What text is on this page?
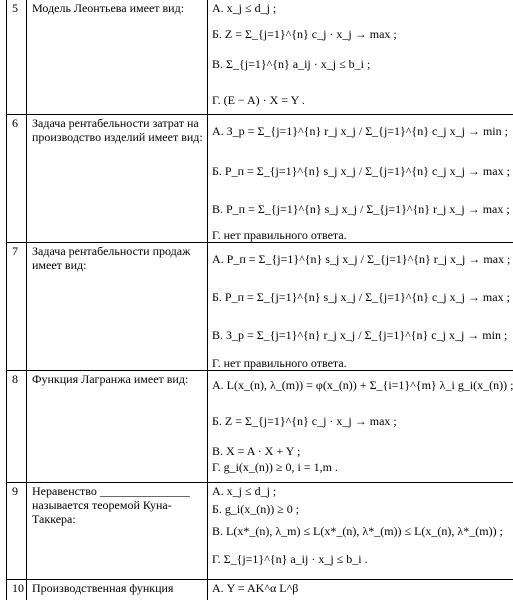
5	Модель Леонтьева имеет вид:	А. x_j ≤ d_j ;
Б. Z = Σ_{j=1}^{n} c_j · x_j → max ;
В. Σ_{j=1}^{n} a_ij · x_j ≤ b_i ;
Г. (E − A) · X = Y .

6	Задача рентабельности затрат на производство изделий имеет вид:	А. З_р = Σ_{j=1}^{n} r_j x_j / Σ_{j=1}^{n} c_j x_j → min ;
Б. Р_п = Σ_{j=1}^{n} s_j x_j / Σ_{j=1}^{n} c_j x_j → max ;
В. Р_п = Σ_{j=1}^{n} s_j x_j / Σ_{j=1}^{n} r_j x_j → max ;
Г. нет правильного ответа.

7	Задача рентабельности продаж имеет вид:	А. Р_п = Σ_{j=1}^{n} s_j x_j / Σ_{j=1}^{n} r_j x_j → max ;
Б. Р_п = Σ_{j=1}^{n} s_j x_j / Σ_{j=1}^{n} c_j x_j → max ;
В. З_р = Σ_{j=1}^{n} r_j x_j / Σ_{j=1}^{n} c_j x_j → min ;
Г. нет правильного ответа.

8	Функция Лагранжа имеет вид:	А. L(x_(n), λ_(m)) = φ(x_(n)) + Σ_{i=1}^{m} λ_i g_i(x_(n)) ;
Б. Z = Σ_{j=1}^{n} c_j · x_j → max ;
В. X = A · X + Y ;
Г. g_i(x_(n)) ≥ 0, i = 1,m .

9	Неравенство _______________ называется теоремой Куна-Таккера:	А. x_j ≤ d_j ;
Б. g_i(x_(n)) ≥ 0 ;
В. L(x*_(n), λ_m) ≤ L(x*_(n), λ*_(m)) ≤ L(x_(n), λ*_(m)) ;
Г. Σ_{j=1}^{n} a_ij · x_j ≤ b_i .

10	Производственная функция	А. Y = AK^α L^β
